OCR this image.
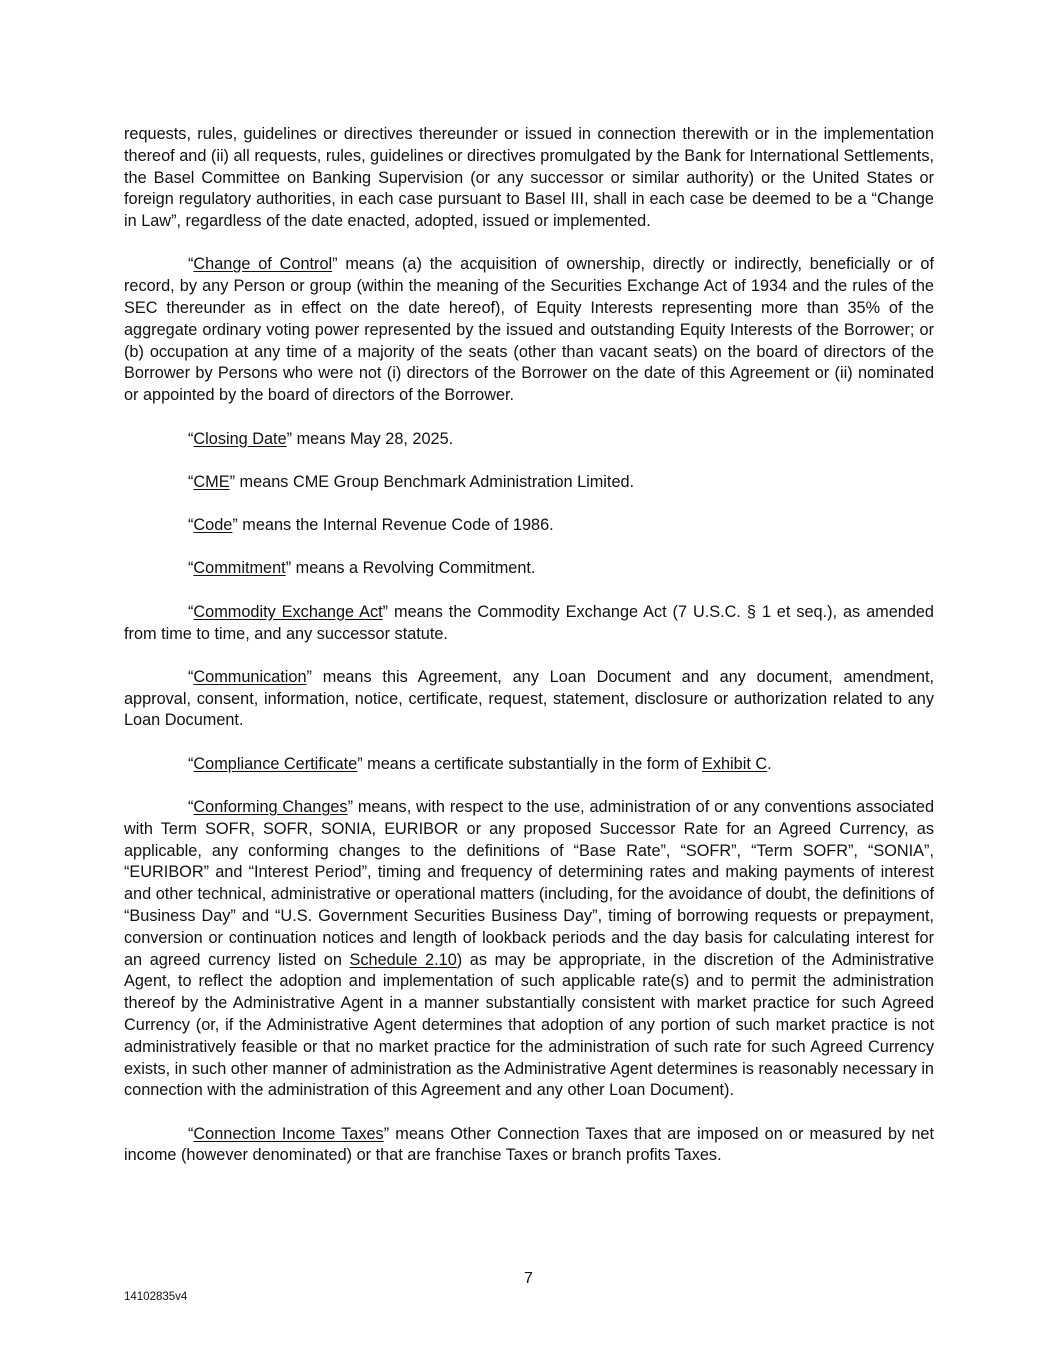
requests, rules, guidelines or directives thereunder or issued in connection therewith or in the implementation thereof and (ii) all requests, rules, guidelines or directives promulgated by the Bank for International Settlements, the Basel Committee on Banking Supervision (or any successor or similar authority) or the United States or foreign regulatory authorities, in each case pursuant to Basel III, shall in each case be deemed to be a “Change in Law”, regardless of the date enacted, adopted, issued or implemented.

“Change of Control” means (a) the acquisition of ownership, directly or indirectly, beneficially or of record, by any Person or group (within the meaning of the Securities Exchange Act of 1934 and the rules of the SEC thereunder as in effect on the date hereof), of Equity Interests representing more than 35% of the aggregate ordinary voting power represented by the issued and outstanding Equity Interests of the Borrower; or (b) occupation at any time of a majority of the seats (other than vacant seats) on the board of directors of the Borrower by Persons who were not (i) directors of the Borrower on the date of this Agreement or (ii) nominated or appointed by the board of directors of the Borrower.

“Closing Date” means May 28, 2025.

“CME” means CME Group Benchmark Administration Limited.

“Code” means the Internal Revenue Code of 1986.

“Commitment” means a Revolving Commitment.

“Commodity Exchange Act” means the Commodity Exchange Act (7 U.S.C. § 1 et seq.), as amended from time to time, and any successor statute.

“Communication” means this Agreement, any Loan Document and any document, amendment, approval, consent, information, notice, certificate, request, statement, disclosure or authorization related to any Loan Document.

“Compliance Certificate” means a certificate substantially in the form of Exhibit C.

“Conforming Changes” means, with respect to the use, administration of or any conventions associated with Term SOFR, SOFR, SONIA, EURIBOR or any proposed Successor Rate for an Agreed Currency, as applicable, any conforming changes to the definitions of “Base Rate”, “SOFR”, “Term SOFR”, “SONIA”, “EURIBOR” and “Interest Period”, timing and frequency of determining rates and making payments of interest and other technical, administrative or operational matters (including, for the avoidance of doubt, the definitions of “Business Day” and “U.S. Government Securities Business Day”, timing of borrowing requests or prepayment, conversion or continuation notices and length of lookback periods and the day basis for calculating interest for an agreed currency listed on Schedule 2.10) as may be appropriate, in the discretion of the Administrative Agent, to reflect the adoption and implementation of such applicable rate(s) and to permit the administration thereof by the Administrative Agent in a manner substantially consistent with market practice for such Agreed Currency (or, if the Administrative Agent determines that adoption of any portion of such market practice is not administratively feasible or that no market practice for the administration of such rate for such Agreed Currency exists, in such other manner of administration as the Administrative Agent determines is reasonably necessary in connection with the administration of this Agreement and any other Loan Document).

“Connection Income Taxes” means Other Connection Taxes that are imposed on or measured by net income (however denominated) or that are franchise Taxes or branch profits Taxes.

7
14102835v4
